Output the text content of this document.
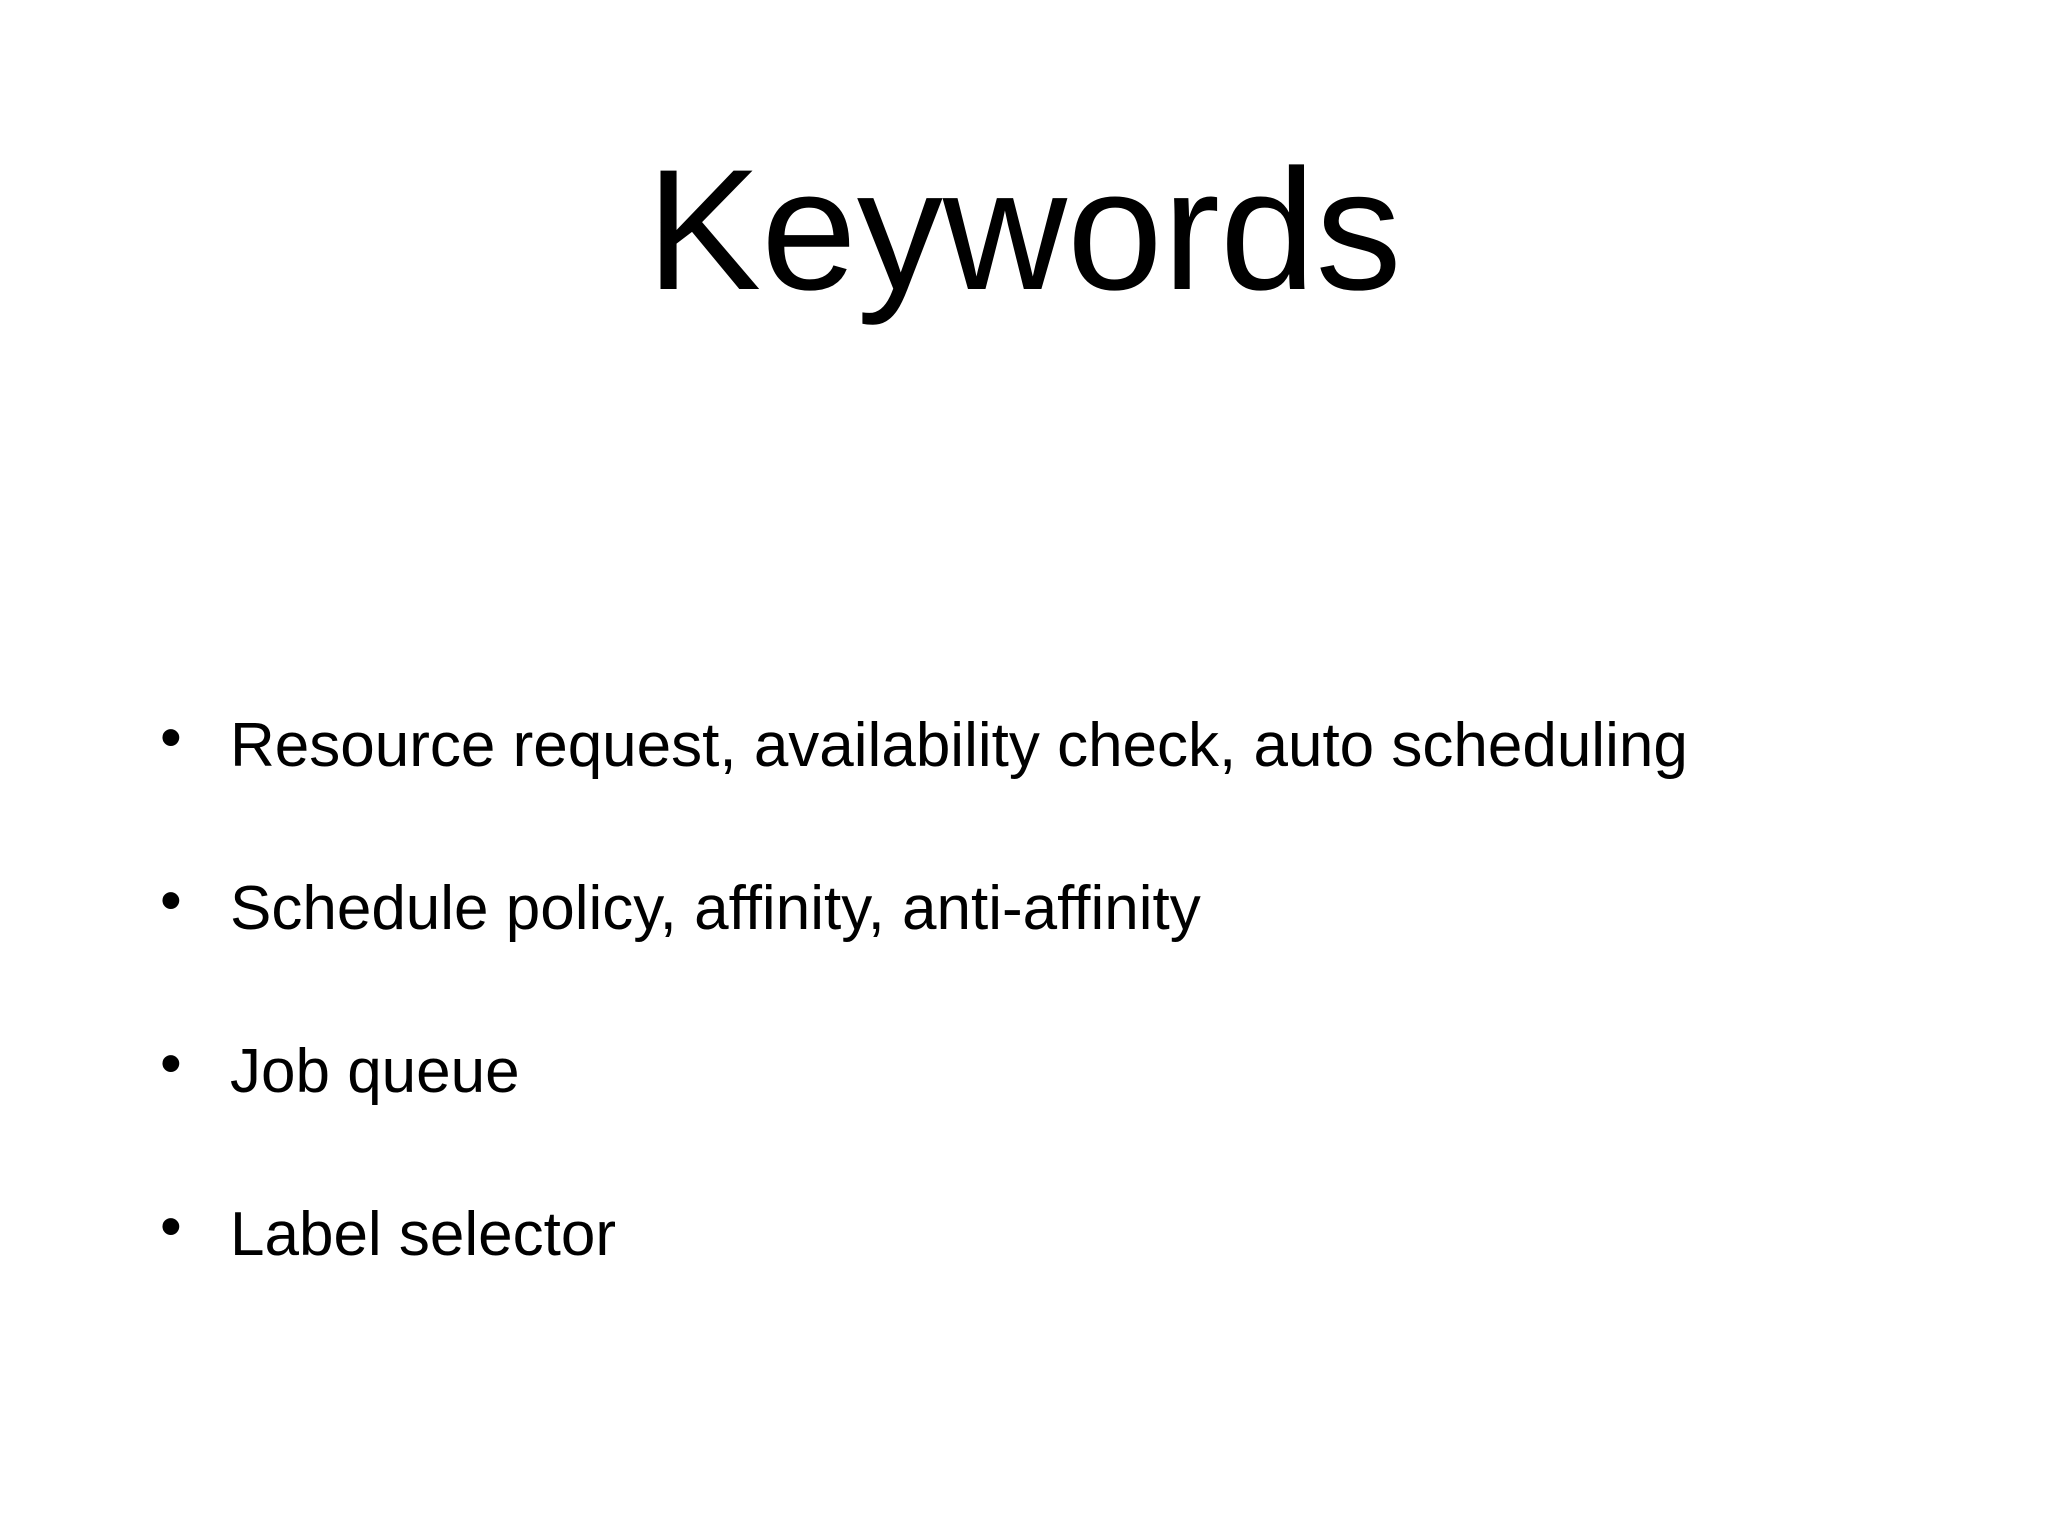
Keywords
• Resource request, availability check, auto scheduling
• Schedule policy, affinity, anti-affinity
• Job queue
• Label selector
